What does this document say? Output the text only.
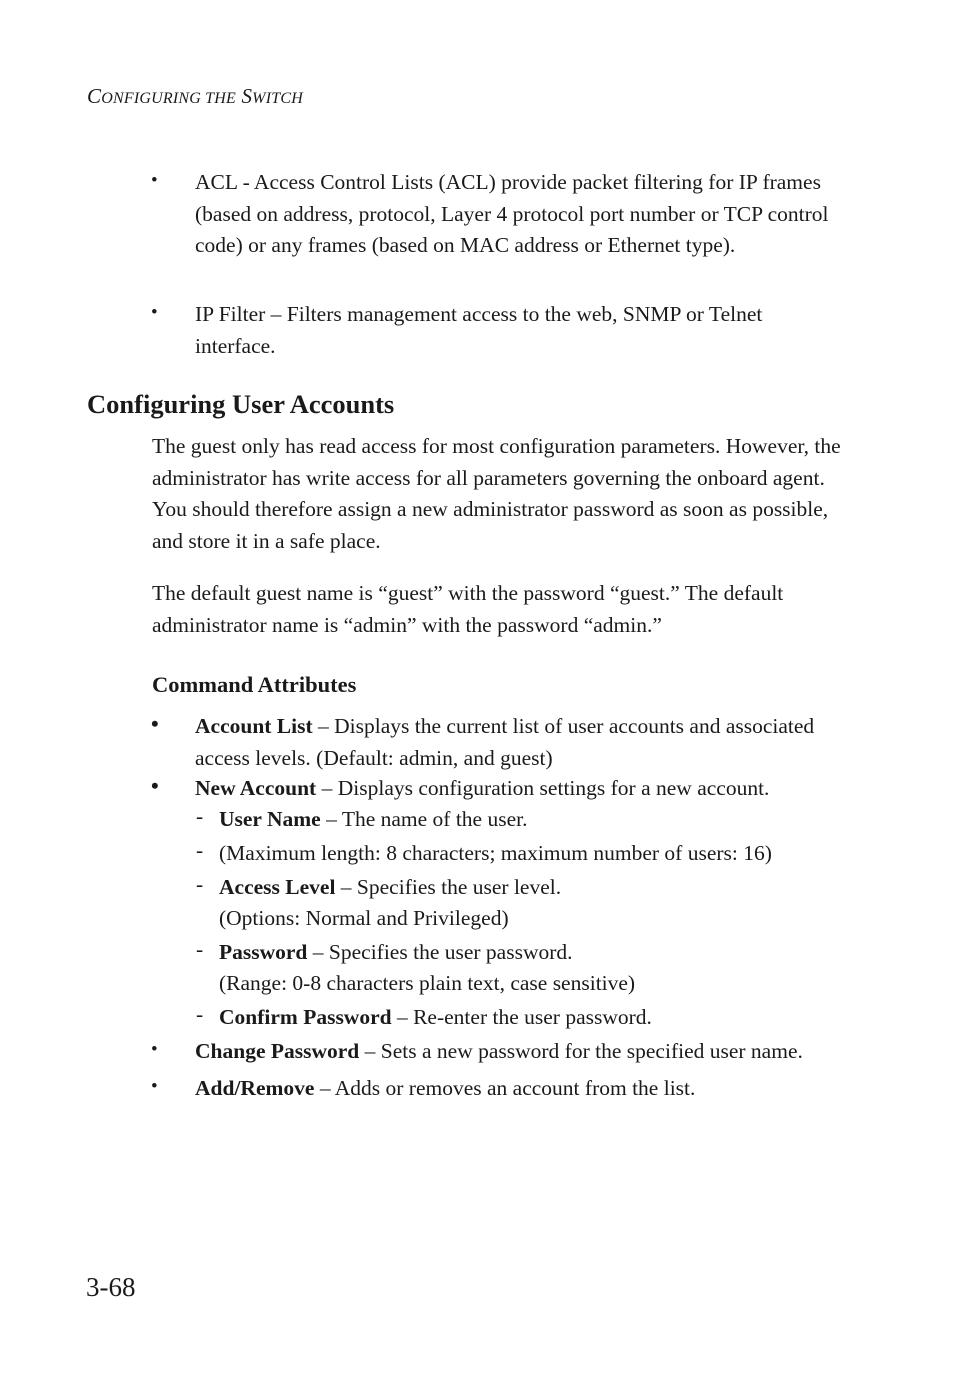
CONFIGURING THE SWITCH
• ACL - Access Control Lists (ACL) provide packet filtering for IP frames (based on address, protocol, Layer 4 protocol port number or TCP control code) or any frames (based on MAC address or Ethernet type).
• IP Filter – Filters management access to the web, SNMP or Telnet interface.
Configuring User Accounts
The guest only has read access for most configuration parameters. However, the administrator has write access for all parameters governing the onboard agent. You should therefore assign a new administrator password as soon as possible, and store it in a safe place.
The default guest name is “guest” with the password “guest.” The default administrator name is “admin” with the password “admin.”
Command Attributes
• Account List – Displays the current list of user accounts and associated access levels. (Default: admin, and guest)
• New Account – Displays configuration settings for a new account.
- User Name – The name of the user.
- (Maximum length: 8 characters; maximum number of users: 16)
- Access Level – Specifies the user level.
(Options: Normal and Privileged)
- Password – Specifies the user password.
(Range: 0-8 characters plain text, case sensitive)
- Confirm Password – Re-enter the user password.
• Change Password – Sets a new password for the specified user name.
• Add/Remove – Adds or removes an account from the list.
3-68
